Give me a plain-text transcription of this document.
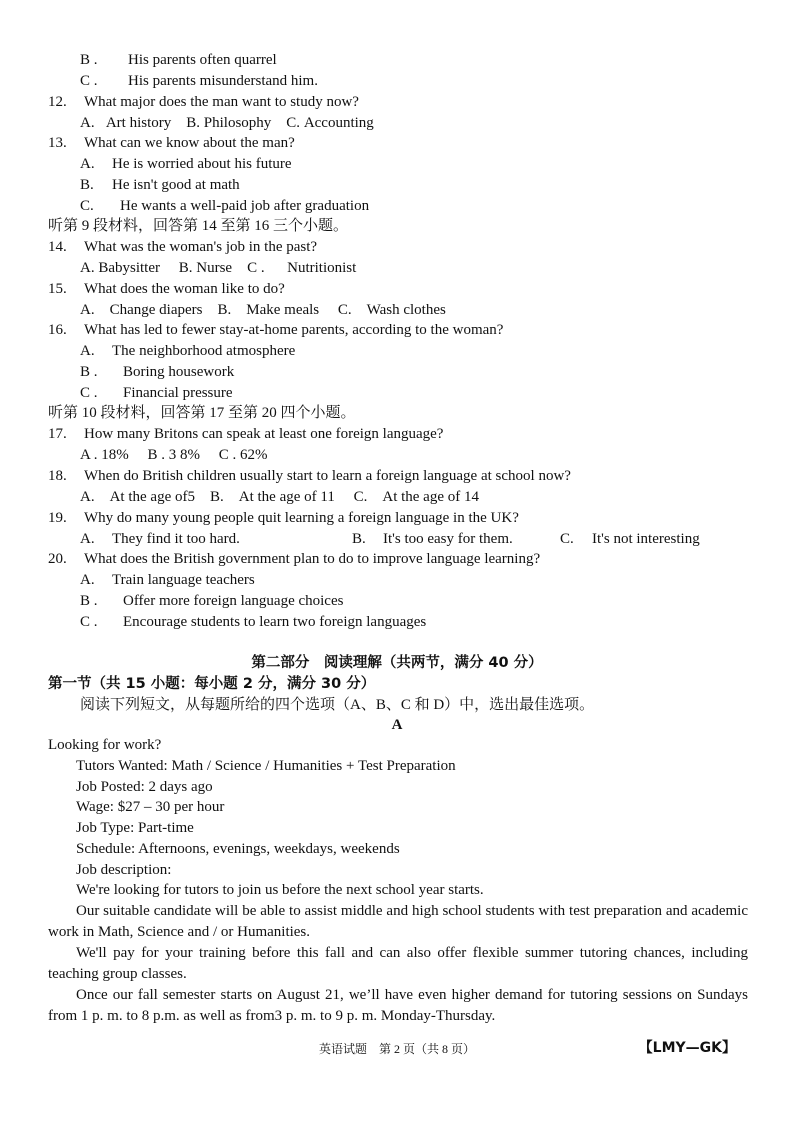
B . His parents often quarrel
C . His parents misunderstand him.
12. What major does the man want to study now?
A. Art history B. Philosophy C. Accounting
13. What can we know about the man?
A. He is worried about his future
B. He isn't good at math
C. He wants a well-paid job after graduation
听第 9 段材料，回答第 14 至第 16 三个小题。
14. What was the woman's job in the past?
A. Babysitter B. Nurse C . Nutritionist
15. What does the woman like to do?
A. Change diapers B. Make meals C. Wash clothes
16. What has led to fewer stay-at-home parents, according to the woman?
A. The neighborhood atmosphere
B . Boring housework
C . Financial pressure
听第 10 段材料，回答第 17 至第 20 四个小题。
17. How many Britons can speak at least one foreign language?
A . 18% B . 3 8% C . 62%
18. When do British children usually start to learn a foreign language at school now?
A. At the age of5 B. At the age of 11 C. At the age of 14
19. Why do many young people quit learning a foreign language in the UK?
A. They find it too hard.	B. It's too easy for them.	C. It's not interesting
20. What does the British government plan to do to improve language learning?
A. Train language teachers
B . Offer more foreign language choices
C . Encourage students to learn two foreign languages
第二部分　阅读理解（共两节，满分 40 分）
第一节（共 15 小题：每小题 2 分，满分 30 分）
阅读下列短文，从每题所给的四个选项（A、B、C 和 D）中，选出最佳选项。
A
Looking for work?
Tutors Wanted: Math / Science / Humanities + Test Preparation
Job Posted: 2 days ago
Wage: $27 – 30 per hour
Job Type: Part-time
Schedule: Afternoons, evenings, weekdays, weekends
Job description:
We're looking for tutors to join us before the next school year starts.
Our suitable candidate will be able to assist middle and high school students with test preparation and academic work in Math, Science and / or Humanities.
We'll pay for your training before this fall and can also offer flexible summer tutoring chances, including teaching group classes.
Once our fall semester starts on August 21, we’ll have even higher demand for tutoring sessions on Sundays from 1 p. m. to 8 p.m. as well as from3 p. m. to 9 p. m. Monday-Thursday.
英语试题　第 2 页（共 8 页）	【LMY—GK】
